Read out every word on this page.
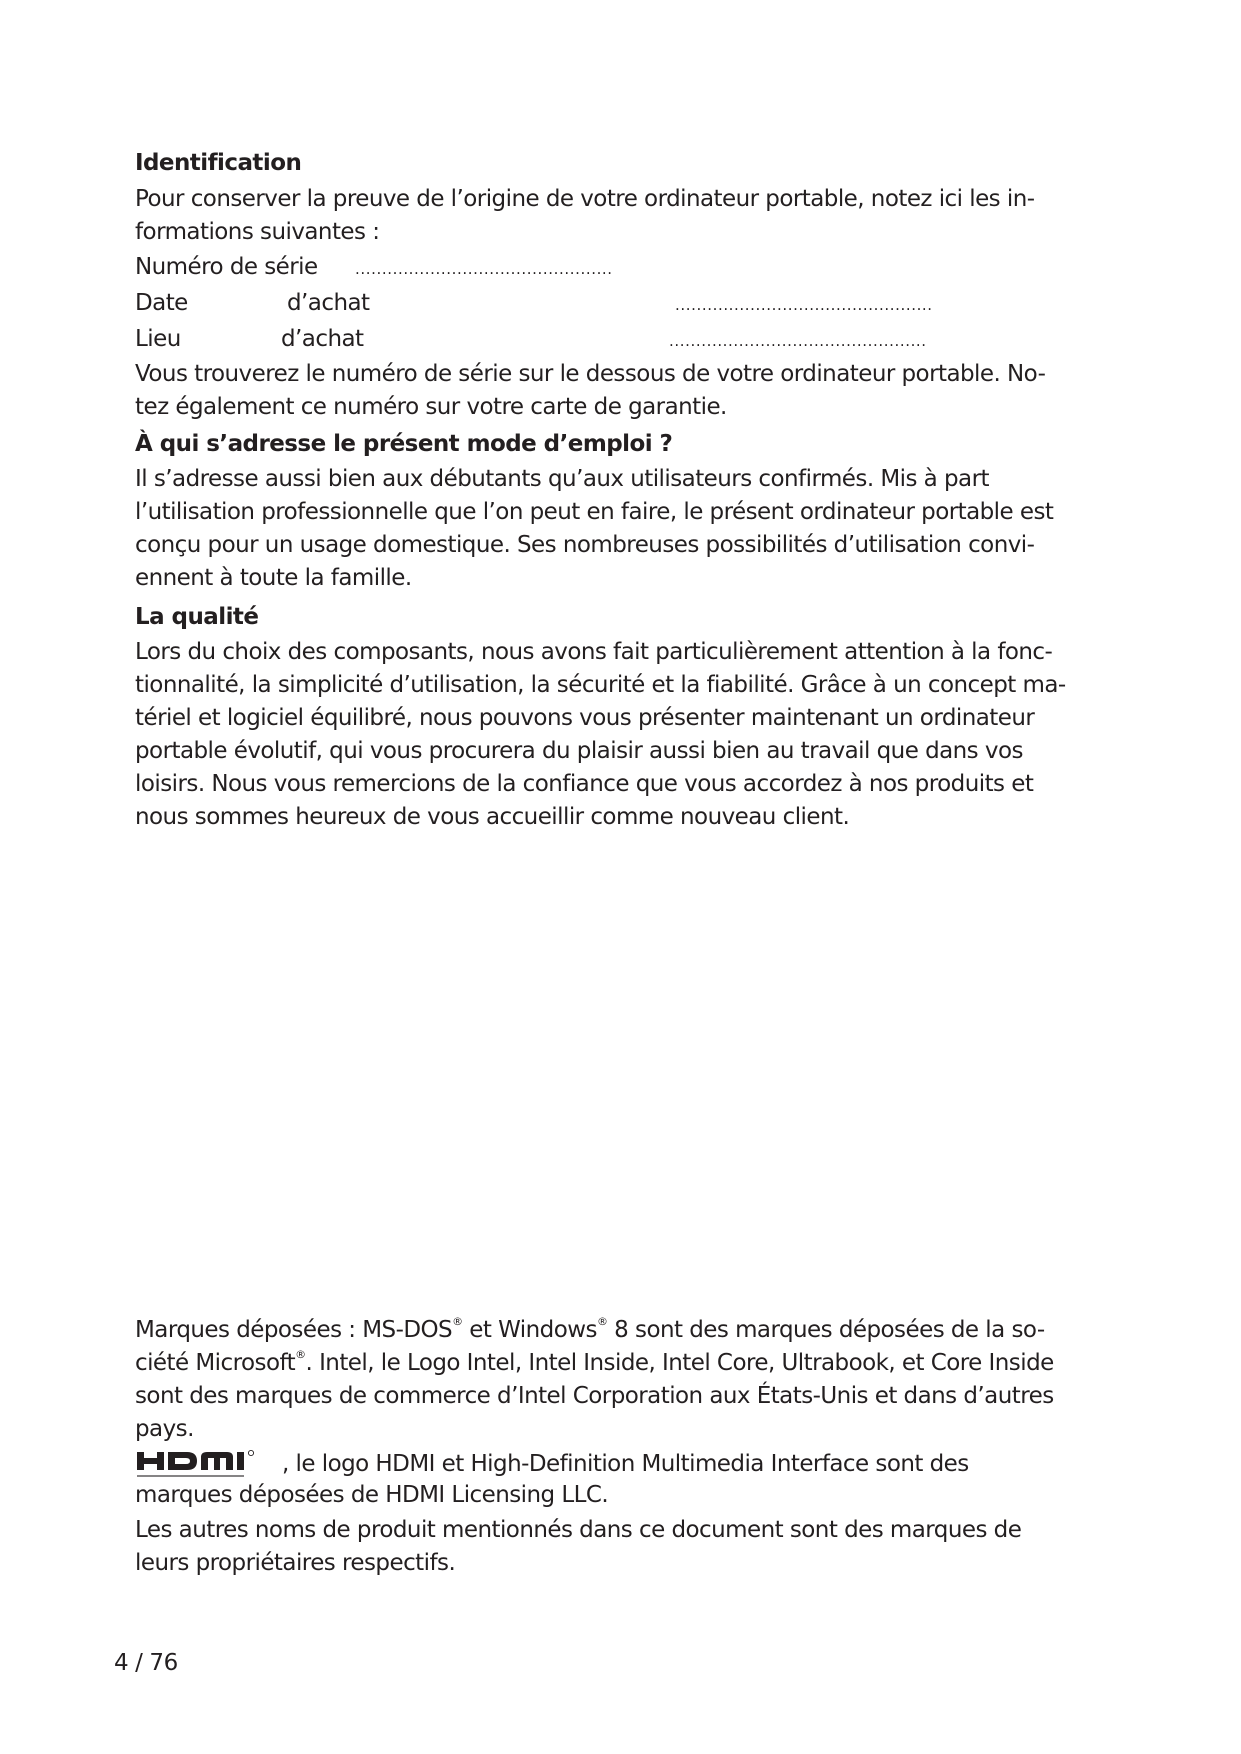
Identification
Pour conserver la preuve de l’origine de votre ordinateur portable, notez ici les in-
formations suivantes :
Numéro de série ................................................
Date	d’achat	................................................
Lieu	d’achat	................................................
Vous trouverez le numéro de série sur le dessous de votre ordinateur portable. No-
tez également ce numéro sur votre carte de garantie.
À qui s’adresse le présent mode d’emploi ?
Il s’adresse aussi bien aux débutants qu’aux utilisateurs confirmés. Mis à part
l’utilisation professionnelle que l’on peut en faire, le présent ordinateur portable est
conçu pour un usage domestique. Ses nombreuses possibilités d’utilisation convi-
ennent à toute la famille.
La qualité
Lors du choix des composants, nous avons fait particulièrement attention à la fonc-
tionnalité, la simplicité d’utilisation, la sécurité et la fiabilité. Grâce à un concept ma-
tériel et logiciel équilibré, nous pouvons vous présenter maintenant un ordinateur
portable évolutif, qui vous procurera du plaisir aussi bien au travail que dans vos
loisirs. Nous vous remercions de la confiance que vous accordez à nos produits et
nous sommes heureux de vous accueillir comme nouveau client.
Marques déposées : MS-DOS® et Windows® 8 sont des marques déposées de la so-
ciété Microsoft®. Intel, le Logo Intel, Intel Inside, Intel Core, Ultrabook, et Core Inside
sont des marques de commerce d’Intel Corporation aux États-Unis et dans d’autres
pays.
, le logo HDMI et High-Definition Multimedia Interface sont des
marques déposées de HDMI Licensing LLC.
Les autres noms de produit mentionnés dans ce document sont des marques de
leurs propriétaires respectifs.
4 / 76
